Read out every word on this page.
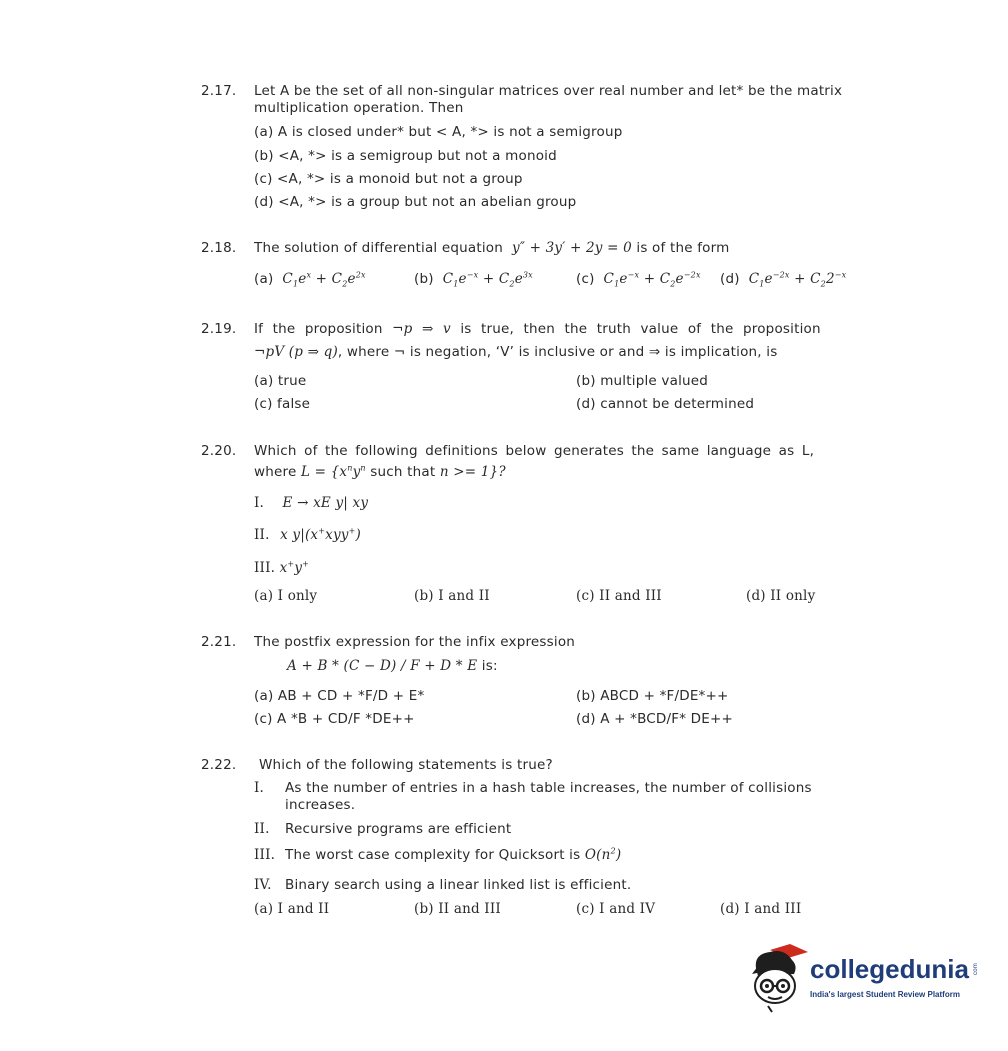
2.17. Let A be the set of all non-singular matrices over real number and let* be the matrix multiplication operation. Then
(a) A is closed under* but < A, *> is not a semigroup
(b) <A, *> is a semigroup but not a monoid
(c) <A, *> is a monoid but not a group
(d) <A, *> is a group but not an abelian group
2.18. The solution of differential equation  y″ + 3y′ + 2y = 0 is of the form
(a)  $C_1e^x + C_2e^{2x}$	(b)  $C_1e^{-x} + C_2e^{3x}$	(c)  $C_1e^{-x} + C_2e^{-2x}$ (d)  $C_1e^{-2x} + C_22^{-x}$
2.19. If the proposition ¬p ⇒ v is true, then the truth value of the proposition
¬pV (p ⇒ q), where ¬ is negation, ‘V’ is inclusive or and ⇒ is implication, is
(a) true	(b) multiple valued
(c) false	(d) cannot be determined
2.20. Which of the following definitions below generates the same language as L,
where $L = \{x^ny^n$ such that n >= 1}?
I. E → xE y| xy
II. x y|(x+xyy+)
III. x+y+
(a) I only	(b) I and II	(c) II and III	(d) II only
2.21. The postfix expression for the infix expression
A + B * (C − D) / F + D * E is:
(a) AB + CD + *F/D + E*	(b) ABCD + *F/DE*++
(c) A *B + CD/F *DE++	(d) A + *BCD/F* DE++
2.22. Which of the following statements is true?
I. As the number of entries in a hash table increases, the number of collisions increases.
II. Recursive programs are efficient
III. The worst case complexity for Quicksort is $O(n^2)$
IV. Binary search using a linear linked list is efficient.
(a) I and II	(b) II and III	(c) I and IV	(d) I and III
collegedunia com
India's largest Student Review Platform
